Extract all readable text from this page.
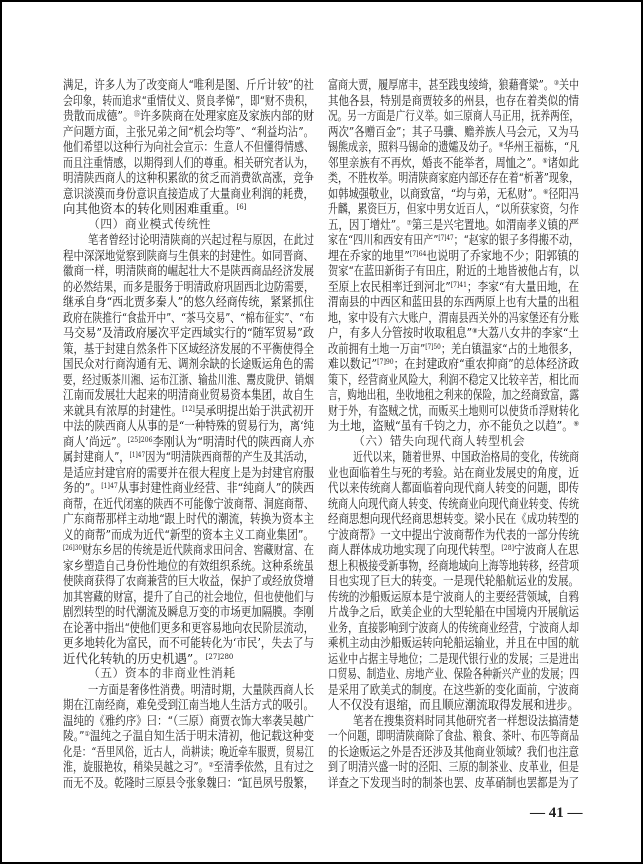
满足，许多人为了改变商人“唯利是图、斤斤计较”的社
会印象，转而追求“重情仗义、贤良孝悌”，即“财不贵积，
贵散而成德”。⑮许多陕商在处理家庭及家族内部的财
产问题方面，主张兄弟之间“机会均等”、“利益均沾”。
他们希望以这种行为向社会宣示：生意人不但懂得情感、
而且注重情感，以期得到人们的尊重。相关研究者认为，
明清陕西商人的这种积累欲的贫乏而消费欲高涨，竞争
意识淡漠而身份意识直接造成了大量商业利润的耗费，
向其他资本的转化则困难重重。[6]
（四）商业模式传统性
笔者曾经讨论明清陕商的兴起过程与原因，在此过
程中深深地觉察到陕商与生俱来的封建性。如同晋商、
徽商一样，明清陕商的崛起壮大不是陕西商品经济发展
的必然结果，而多是服务于明清政府巩固西北边防需要，
继承自身“西北贾多秦人”的悠久经商传统，紧紧抓住
政府在陕推行“食盐开中”、“茶马交易”、“棉布征实”、“布
马交易”及清政府屡次平定西域实行的“随军贸易”政
策，基于封建自然条件下区域经济发展的不平衡使得全
国民众对行商沟通有无、调剂余缺的长途贩运角色的需
要，经过贩茶川湘、运布江浙、输盐川淮、鬻皮陇伊、销烟
江南而发展壮大起来的明清商业贸易资本集团，故自生
来就具有浓厚的封建性。[12]吴承明提出始于洪武初开
中法的陕西商人从事的是“一种特殊的贸易行为，离‘纯
商人’尚远”。$^{[25]206}$李刚认为“明清时代的陕西商人亦
属封建商人”，$^{[1]47}$因为“明清陕西商帮的产生及其活动，
是适应封建官府的需要并在很大程度上是为封建官府服
务的”。$^{[1]47}$从事封建性商业经营、非“纯商人”的陕西
商帮，在近代闭塞的陕西不可能像宁波商帮、洞庭商帮、
广东商帮那样主动地“跟上时代的潮流，转换为资本主
义的商帮”而成为近代“新型的资本主义工商业集团”。
$^{[26]30}$财东乡居的传统是近代陕商求田问舍、窖藏财富、在
家乡塑造自己身份性地位的有效组织系统。这种系统虽
使陕商获得了农商兼营的巨大收益，保护了或经放贷增
加其窖藏的财富，提升了自己的社会地位，但也使他们与
剧烈转型的时代潮流及瞬息万变的市场更加隔膜。李刚
在论著中指出“使他们更多和更容易地向农民阶层流动，
更多地转化为富民，而不可能转化为‘市民’，失去了与
近代化转轨的历史机遇”。$^{[27]280}$
（五）资本的非商业性消耗
一方面是奢侈性消费。明清时期，大量陕西商人长
期在江南经商，难免受到江南当地人生活方式的吸引。
温纯的《雅约序》曰：“（三原）商贾衣饰大率袭吴越广
陵。”①温纯之子温自知生活于明末清初，他记载这种变
化是：“吾里风俗，近古人，尚耕读；晚近牵车服贾，贸易江
淮，旋服艳妆，稍染吴越之习”。②至清季依然，且有过之
而无不及。乾隆时三原县令张象魏曰：“缸邑夙号殷繁，
富商大贾，履厚席丰，甚至践曳绫绮，狼藉膏粱”。③关中
其他各县，特别是商贾较多的州县，也存在着类似的情
况。另一方面是广行义举。如三原商人马正用，抚养两侄，
两次”各赠百金”；其子马骥、赡养族人马会元，又为马
锡熊成亲，照料马锡命的遗孀及幼子。④华州王福栋，“凡
邻里亲族有不再炊，婚丧不能举者，周恤之”。⑤诸如此
类，不胜枚举。明清陕商家庭内部还存在着“析著”现象，
如韩城强敬业，以商致富，“均与弟，无私财”。⑥径阳冯
升麟，累资巨万，但家中男女近百人，“以所获家资，匀作
五，因丁增灶”。⑦第三是兴宅置地。如渭南孝义镇的严
家在“四川和西安有田产”$^{[7]47}$；“赵家的银子多得搬不动，
埋在乔家的地里”$^{[7]64}$也说明了乔家地不少；阳郭镇的
贺家“在蓝田新街子有田庄，附近的土地皆被他占有，以
至原上农民相率迁到河北”$^{[7]41}$；李家“有大量田地，在
渭南县的中西区和蓝田县的东西两原上也有大量的出租
地，家中设有六大账户，渭南县西关外的冯家堡还有分账
户，有多人分管按时收取租息”⑧大荔八女井的李家“土
改前拥有土地一万亩”$^{[7]50}$；羌白镇温家“占的土地很多，
难以数记”$^{[7]90}$；在封建政府“重农抑商”的总体经济政
策下，经营商业风险大，利润不稳定又比较辛苦，相比而
言，购地出租，坐收地租之利来的保险，加之经商致富，露
财于外，有盗贼之忧，而贩买土地则可以使货币浮财转化
为土地，盗贼“虽有千钧之力，亦不能负之以趋”。⑨
（六）错失向现代商人转型机会
近代以来，随着世界、中国政治格局的变化，传统商
业也面临着生与死的考验。站在商业发展史的角度，近
代以来传统商人都面临着向现代商人转变的问题，即传
统商人向现代商人转变、传统商业向现代商业转变、传统
经商思想向现代经商思想转变。梁小民在《成功转型的
宁波商帮》一文中提出宁波商帮作为代表的一部分传统
商人群体成功地实现了向现代转型。[28]宁波商人在思
想上积极接受新事物，经商地域向上海等地转移，经营项
目也实现了巨大的转变。一是现代轮船航运业的发展。
传统的沙船贩运原本是宁波商人的主要经营领域，自鸦
片战争之后，欧美企业的大型轮船在中国境内开展航运
业务，直接影响到宁波商人的传统商业经营，宁波商人却
乘机主动由沙船贩运转向轮船运输业，并且在中国的航
运业中占据主导地位；二是现代银行业的发展；三是进出
口贸易、制造业、房地产业、保险各种新兴产业的发展；四
是采用了欧美式的制度。在这些新的变化面前，宁波商
人不仅没有退缩，而且顺应潮流取得发展和进步。
笔者在搜集资料时同其他研究者一样想设法搞清楚
一个问题，即明清陕商除了食盐、粮食、茶叶、布匹等商品
的长途贩运之外是否还涉及其他商业领域？我们也注意
到了明清兴盛一时的泾阳、三原的制茶业、皮革业，但是
详查之下发现当时的制茶也罢、皮革硝制也罢都是为了
— 41 —
